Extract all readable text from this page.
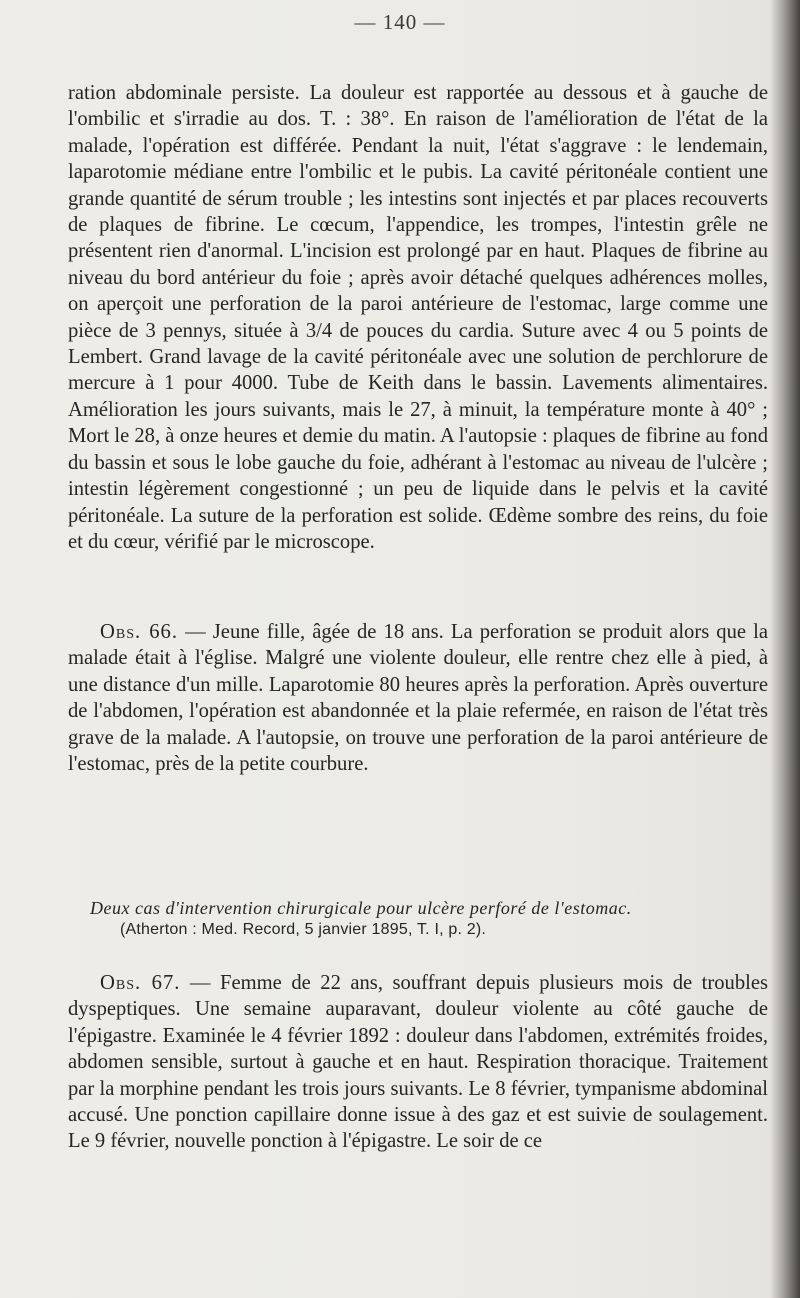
— 140 —

ration abdominale persiste. La douleur est rapportée au dessous et à gauche de l'ombilic et s'irradie au dos. T. : 38°. En raison de l'amélioration de l'état de la malade, l'opération est différée. Pendant la nuit, l'état s'aggrave : le lendemain, laparotomie médiane entre l'ombilic et le pubis. La cavité péritonéale contient une grande quantité de sérum trouble ; les intestins sont injectés et par places recouverts de plaques de fibrine. Le cœcum, l'appendice, les trompes, l'intestin grêle ne présentent rien d'anormal. L'incision est prolongé par en haut. Plaques de fibrine au niveau du bord antérieur du foie ; après avoir détaché quelques adhérences molles, on aperçoit une perforation de la paroi antérieure de l'estomac, large comme une pièce de 3 pennys, située à 3/4 de pouces du cardia. Suture avec 4 ou 5 points de Lembert. Grand lavage de la cavité péritonéale avec une solution de perchlorure de mercure à 1 pour 4000. Tube de Keith dans le bassin. Lavements alimentaires. Amélioration les jours suivants, mais le 27, à minuit, la température monte à 40° ; Mort le 28, à onze heures et demie du matin. A l'autopsie : plaques de fibrine au fond du bassin et sous le lobe gauche du foie, adhérant à l'estomac au niveau de l'ulcère ; intestin légèrement congestionné ; un peu de liquide dans le pelvis et la cavité péritonéale. La suture de la perforation est solide. Œdème sombre des reins, du foie et du cœur, vérifié par le microscope.

Obs. 66. — Jeune fille, âgée de 18 ans. La perforation se produit alors que la malade était à l'église. Malgré une violente douleur, elle rentre chez elle à pied, à une distance d'un mille. Laparotomie 80 heures après la perforation. Après ouverture de l'abdomen, l'opération est abandonnée et la plaie refermée, en raison de l'état très grave de la malade. A l'autopsie, on trouve une perforation de la paroi antérieure de l'estomac, près de la petite courbure.

Deux cas d'intervention chirurgicale pour ulcère perforé de l'estomac.
(Atherton : Med. Record, 5 janvier 1895, T. I, p. 2).

Obs. 67. — Femme de 22 ans, souffrant depuis plusieurs mois de troubles dyspeptiques. Une semaine auparavant, douleur violente au côté gauche de l'épigastre. Examinée le 4 février 1892 : douleur dans l'abdomen, extrémités froides, abdomen sensible, surtout à gauche et en haut. Respiration thoracique. Traitement par la morphine pendant les trois jours suivants. Le 8 février, tympanisme abdominal accusé. Une ponction capillaire donne issue à des gaz et est suivie de soulagement. Le 9 février, nouvelle ponction à l'épigastre. Le soir de ce
